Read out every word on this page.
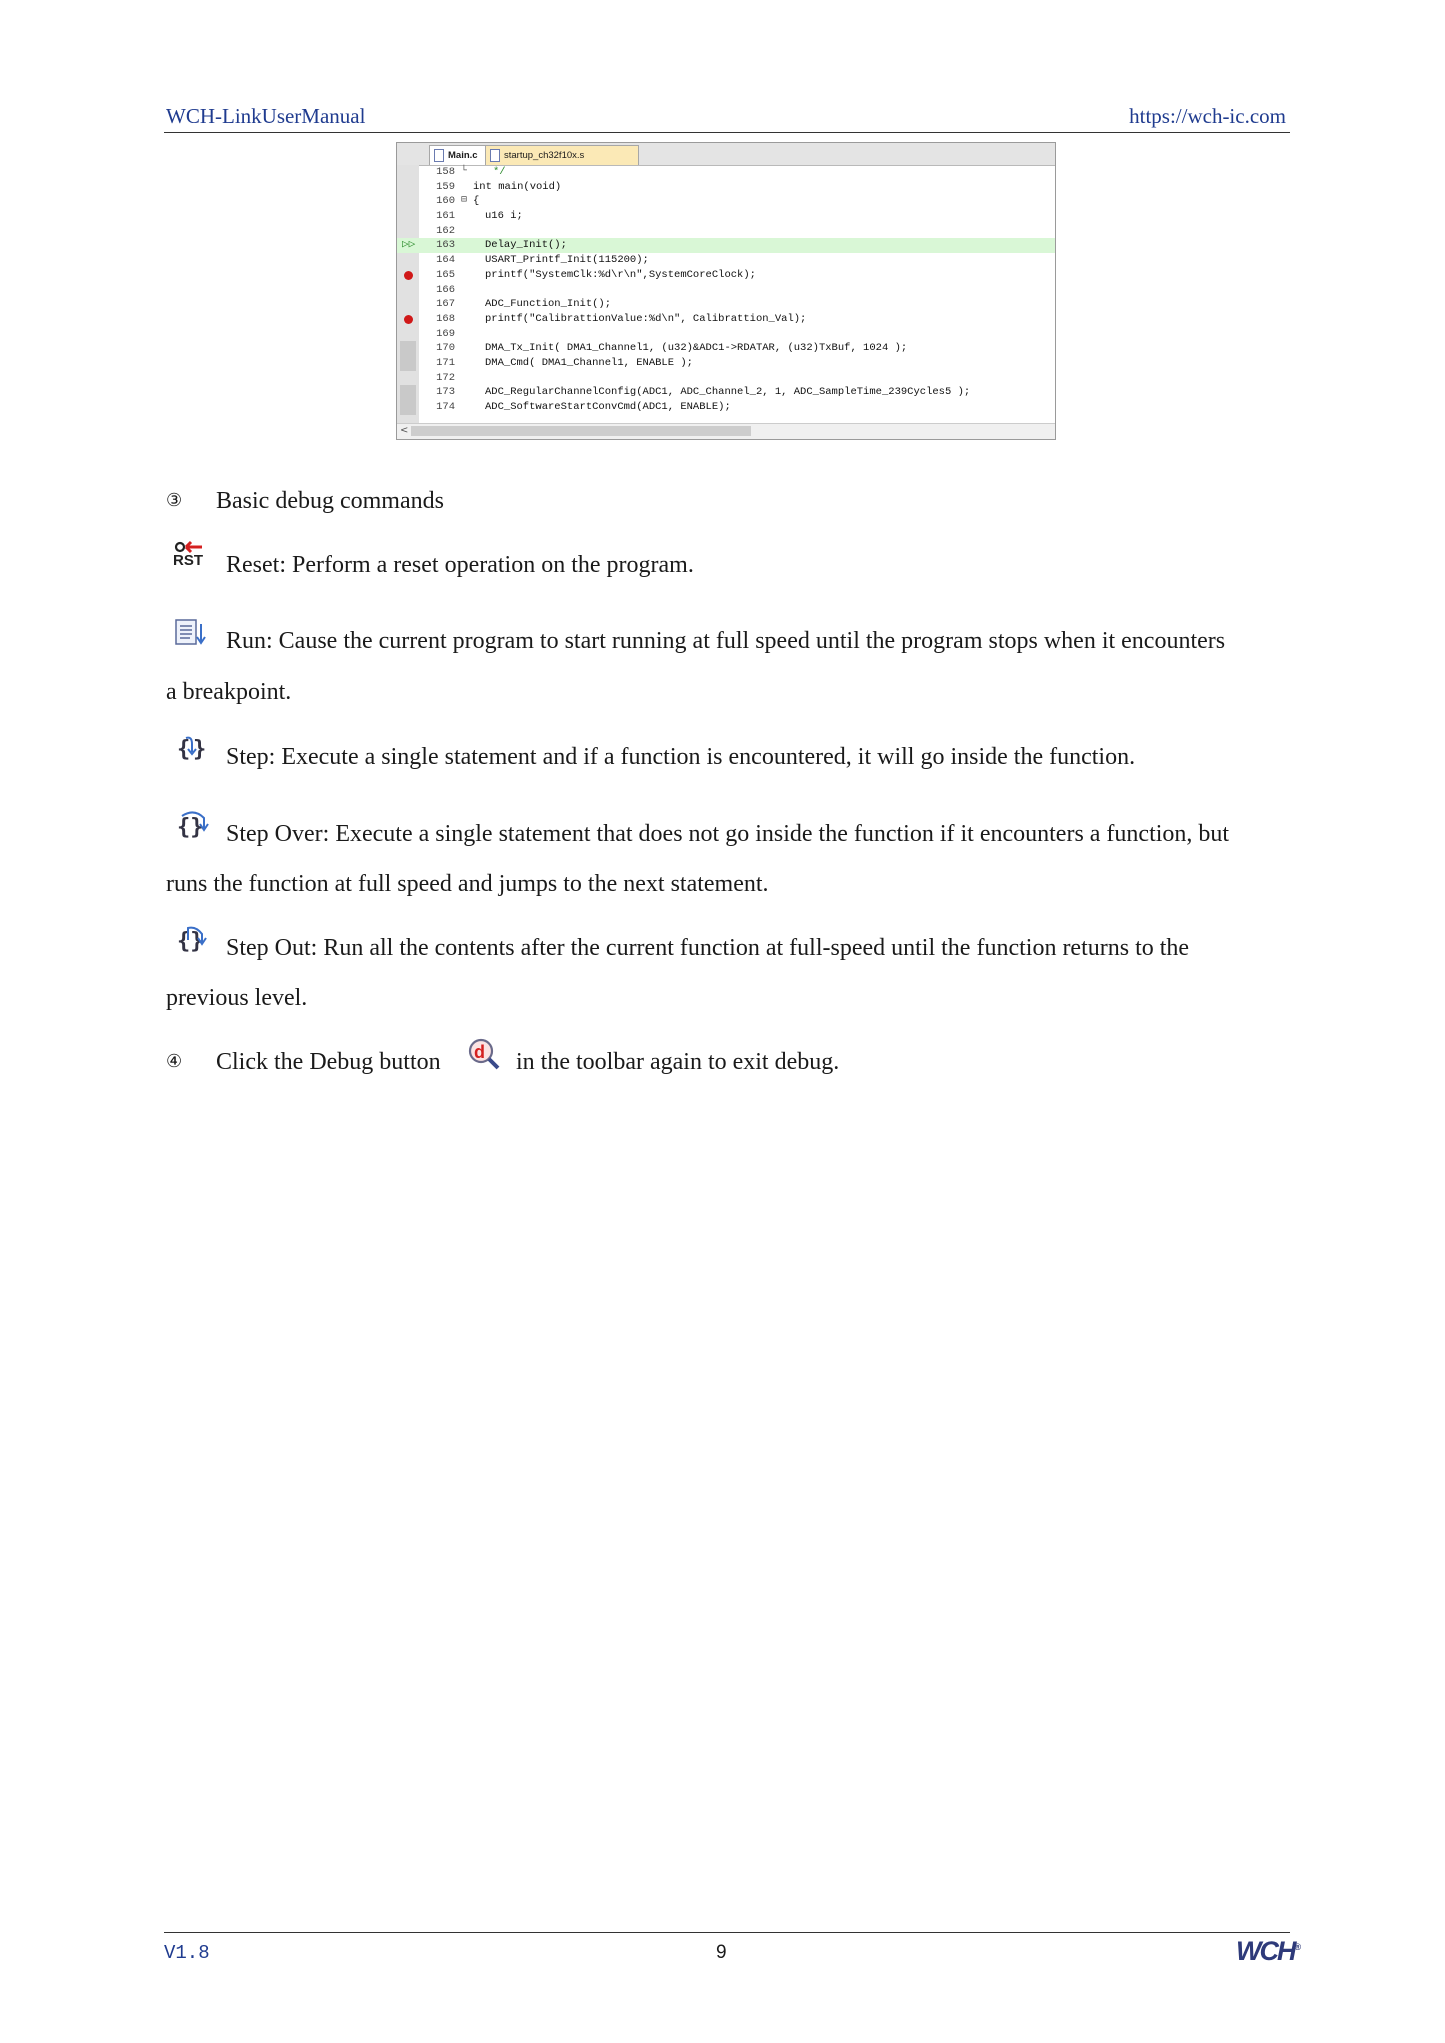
WCH-LinkUserManual	https://wch-ic.com
Main.c	startup_ch32f10x.s
158 └ */
159 int main(void)
160 ⊟ {
161	u16 i;
162
▷▷	163	Delay_Init();
164	USART_Printf_Init(115200);
165	printf("SystemClk:%d\r\n",SystemCoreClock);
166
167	ADC_Function_Init();
168	printf("CalibrattionValue:%d\n", Calibrattion_Val);
169
170	DMA_Tx_Init( DMA1_Channel1, (u32)&ADC1->RDATAR, (u32)TxBuf, 1024 );
171	DMA_Cmd( DMA1_Channel1, ENABLE );
172
173	ADC_RegularChannelConfig(ADC1, ADC_Channel_2, 1, ADC_SampleTime_239Cycles5 );
174	ADC_SoftwareStartConvCmd(ADC1, ENABLE);
<
③ Basic debug commands
RST Reset: Perform a reset operation on the program.
Run: Cause the current program to start running at full speed until the program stops when it encounters
a breakpoint.
{ } Step: Execute a single statement and if a function is encountered, it will go inside the function.
{} Step Over: Execute a single statement that does not go inside the function if it encounters a function, but
runs the function at full speed and jumps to the next statement.
{} Step Out: Run all the contents after the current function at full-speed until the function returns to the
previous level.
④ Click the Debug button d in the toolbar again to exit debug.
V1.8	9	WCH®
